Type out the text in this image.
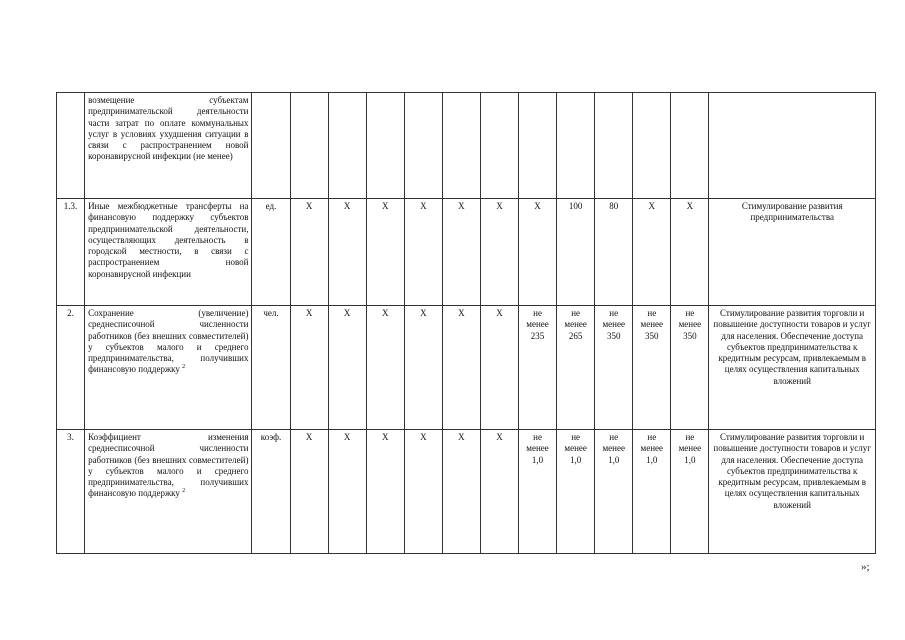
	возмещение субъектам предпринимательской деятельности части затрат по оплате коммунальных услуг в условиях ухудшения ситуации в связи с распространением новой коронавирусной инфекции (не менее)													
1.3.	Иные межбюджетные трансферты на финансовую поддержку субъектов предпринимательской деятельности, осуществляющих деятельность в городской местности, в связи с распространением новой коронавирусной инфекции	ед.	Х	Х	Х	Х	Х	Х	Х	100	80	Х	Х	Стимулирование развития предпринимательства
2.	Сохранение (увеличение) среднесписочной численности работников (без внешних совместителей) у субъектов малого и среднего предпринимательства, получивших финансовую поддержку $^2$	чел.	Х	Х	Х	Х	Х	Х	не менее 235	не менее 265	не менее 350	не менее 350	не менее 350	Стимулирование развития торговли и повышение доступности товаров и услуг для населения. Обеспечение доступа субъектов предпринимательства к кредитным ресурсам, привлекаемым в целях осуществления капитальных вложений
3.	Коэффициент изменения среднесписочной численности работников (без внешних совместителей) у субъектов малого и среднего предпринимательства, получивших финансовую поддержку $^2$	коэф.	Х	Х	Х	Х	Х	Х	не менее 1,0	не менее 1,0	не менее 1,0	не менее 1,0	не менее 1,0	Стимулирование развития торговли и повышение доступности товаров и услуг для населения. Обеспечение доступа субъектов предпринимательства к кредитным ресурсам, привлекаемым в целях осуществления капитальных вложений
»;
